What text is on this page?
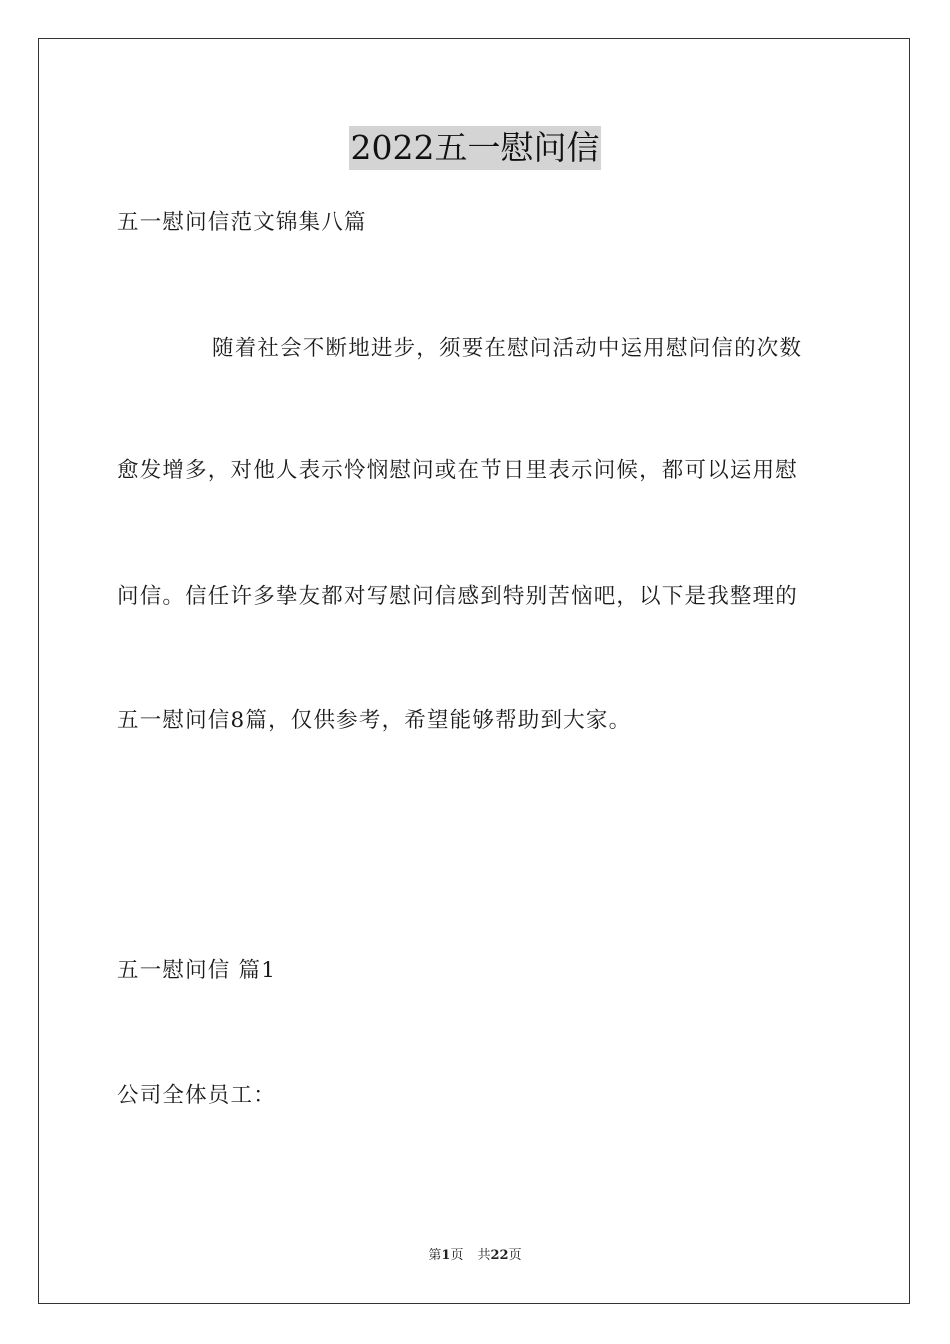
2022五一慰问信
五一慰问信范文锦集八篇
随着社会不断地进步，须要在慰问活动中运用慰问信的次数
愈发增多，对他人表示怜悯慰问或在节日里表示问候，都可以运用慰
问信。信任许多挚友都对写慰问信感到特别苦恼吧，以下是我整理的
五一慰问信8篇，仅供参考，希望能够帮助到大家。
五一慰问信 篇1
公司全体员工：
第1页 共22页
